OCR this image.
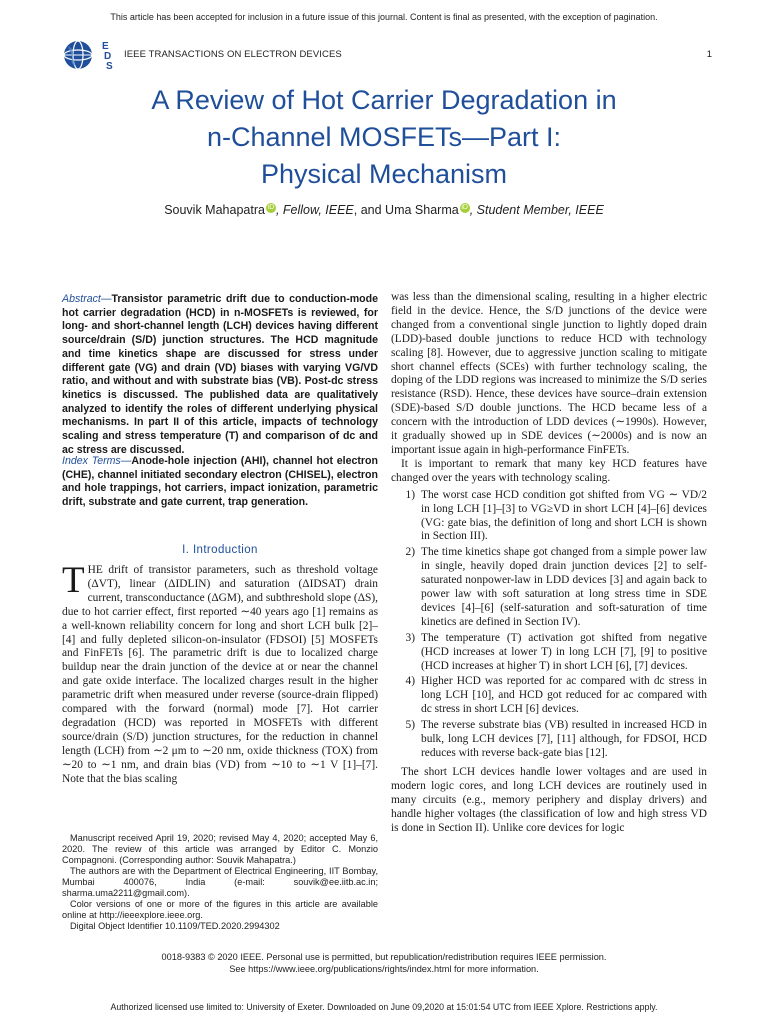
This article has been accepted for inclusion in a future issue of this journal. Content is final as presented, with the exception of pagination.
E
D
S
IEEE TRANSACTIONS ON ELECTRON DEVICES	1
A Review of Hot Carrier Degradation in
n-Channel MOSFETs—Part I:
Physical Mechanism
Souvik Mahapatra iD , Fellow, IEEE, and Uma Sharma iD , Student Member, IEEE
Abstract—Transistor parametric drift due to conduction-mode hot carrier degradation (HCD) in n-MOSFETs is reviewed, for long- and short-channel length (LCH) devices having different source/drain (S/D) junction structures. The HCD magnitude and time kinetics shape are discussed for stress under different gate (VG) and drain (VD) biases with varying VG/VD ratio, and without and with substrate bias (VB). Post-dc stress kinetics is discussed. The published data are qualitatively analyzed to identify the roles of different underlying physical mechanisms. In part II of this article, impacts of technology scaling and stress temperature (T) and comparison of dc and ac stress are discussed.
Index Terms—Anode-hole injection (AHI), channel hot electron (CHE), channel initiated secondary electron (CHISEL), electron and hole trappings, hot carriers, impact ionization, parametric drift, substrate and gate current, trap generation.
I. Introduction
THE drift of transistor parameters, such as threshold voltage (ΔVT), linear (ΔIDLIN) and saturation (ΔIDSAT) drain current, transconductance (ΔGM), and subthreshold slope (ΔS), due to hot carrier effect, first reported ∼40 years ago [1] remains as a well-known reliability concern for long and short LCH bulk [2]–[4] and fully depleted silicon-on-insulator (FDSOI) [5] MOSFETs and FinFETs [6]. The parametric drift is due to localized charge buildup near the drain junction of the device at or near the channel and gate oxide interface. The localized charges result in the higher parametric drift when measured under reverse (source-drain flipped) compared with the forward (normal) mode [7]. Hot carrier degradation (HCD) was reported in MOSFETs with different source/drain (S/D) junction structures, for the reduction in channel length (LCH) from ∼2 μm to ∼20 nm, oxide thickness (TOX) from ∼20 to ∼1 nm, and drain bias (VD) from ∼10 to ∼1 V [1]–[7]. Note that the bias scaling

Manuscript received April 19, 2020; revised May 4, 2020; accepted May 6, 2020. The review of this article was arranged by Editor C. Monzio Compagnoni. (Corresponding author: Souvik Mahapatra.)

The authors are with the Department of Electrical Engineering, IIT Bombay, Mumbai 400076, India (e-mail: souvik@ee.iitb.ac.in; sharma.uma2211@gmail.com).

Color versions of one or more of the figures in this article are available online at http://ieeexplore.ieee.org.

Digital Object Identifier 10.1109/TED.2020.2994302

was less than the dimensional scaling, resulting in a higher electric field in the device. Hence, the S/D junctions of the device were changed from a conventional single junction to lightly doped drain (LDD)-based double junctions to reduce HCD with technology scaling [8]. However, due to aggressive junction scaling to mitigate short channel effects (SCEs) with further technology scaling, the doping of the LDD regions was increased to minimize the S/D series resistance (RSD). Hence, these devices have source–drain extension (SDE)-based S/D double junctions. The HCD became less of a concern with the introduction of LDD devices (∼1990s). However, it gradually showed up in SDE devices (∼2000s) and is now an important issue again in high-performance FinFETs.

It is important to remark that many key HCD features have changed over the years with technology scaling.

1) The worst case HCD condition got shifted from VG ∼ VD/2 in long LCH [1]–[3] to VG≥VD in short LCH [4]–[6] devices (VG: gate bias, the definition of long and short LCH is shown in Section III).
2) The time kinetics shape got changed from a simple power law in single, heavily doped drain junction devices [2] to self-saturated nonpower-law in LDD devices [3] and again back to power law with soft saturation at long stress time in SDE devices [4]–[6] (self-saturation and soft-saturation of time kinetics are defined in Section IV).
3) The temperature (T) activation got shifted from negative (HCD increases at lower T) in long LCH [7], [9] to positive (HCD increases at higher T) in short LCH [6], [7] devices.
4) Higher HCD was reported for ac compared with dc stress in long LCH [10], and HCD got reduced for ac compared with dc stress in short LCH [6] devices.
5) The reverse substrate bias (VB) resulted in increased HCD in bulk, long LCH devices [7], [11] although, for FDSOI, HCD reduces with reverse back-gate bias [12].

The short LCH devices handle lower voltages and are used in modern logic cores, and long LCH devices are routinely used in many circuits (e.g., memory periphery and display drivers) and handle higher voltages (the classification of low and high stress VD is done in Section II). Unlike core devices for logic

0018-9383 © 2020 IEEE. Personal use is permitted, but republication/redistribution requires IEEE permission.
See https://www.ieee.org/publications/rights/index.html for more information.
Authorized licensed use limited to: University of Exeter. Downloaded on June 09,2020 at 15:01:54 UTC from IEEE Xplore. Restrictions apply.
